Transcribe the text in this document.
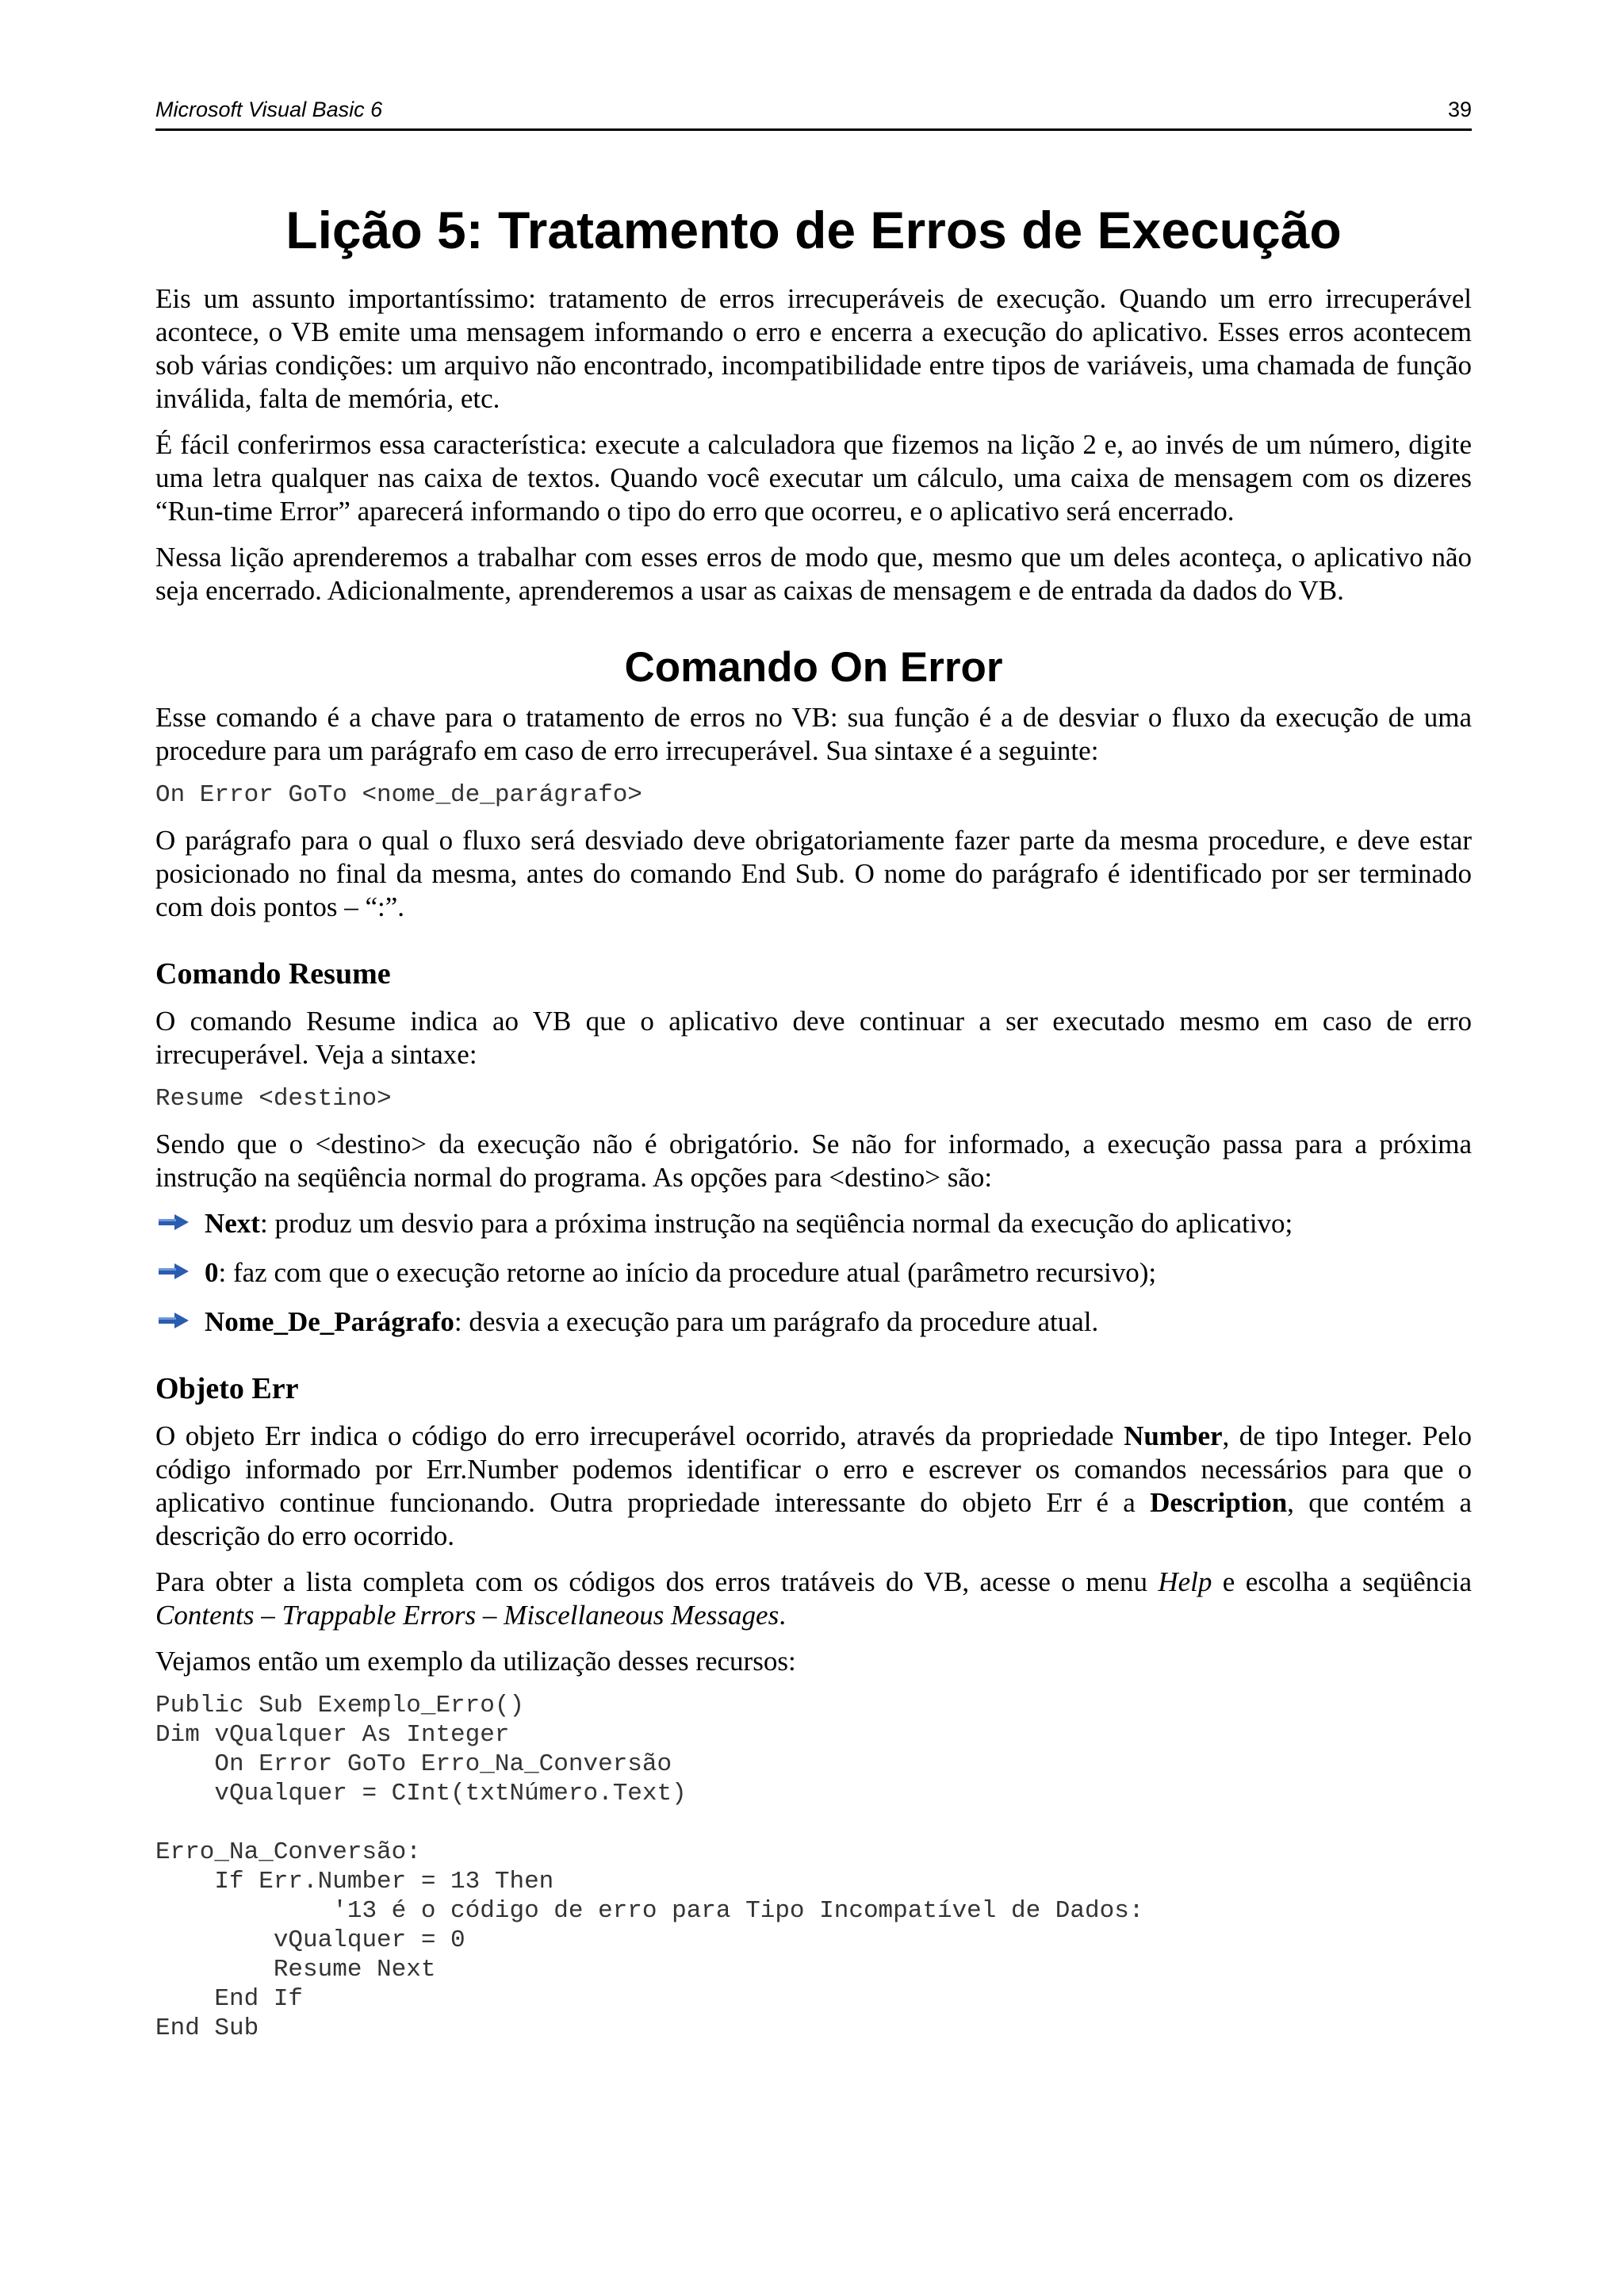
Microsoft Visual Basic 6	39
Lição 5: Tratamento de Erros de Execução

Eis um assunto importantíssimo: tratamento de erros irrecuperáveis de execução. Quando um erro irrecuperável acontece, o VB emite uma mensagem informando o erro e encerra a execução do aplicativo. Esses erros acontecem sob várias condições: um arquivo não encontrado, incompatibilidade entre tipos de variáveis, uma chamada de função inválida, falta de memória, etc.

É fácil conferirmos essa característica: execute a calculadora que fizemos na lição 2 e, ao invés de um número, digite uma letra qualquer nas caixa de textos. Quando você executar um cálculo, uma caixa de mensagem com os dizeres “Run-time Error” aparecerá informando o tipo do erro que ocorreu, e o aplicativo será encerrado.

Nessa lição aprenderemos a trabalhar com esses erros de modo que, mesmo que um deles aconteça, o aplicativo não seja encerrado. Adicionalmente, aprenderemos a usar as caixas de mensagem e de entrada da dados do VB.

Comando On Error

Esse comando é a chave para o tratamento de erros no VB: sua função é a de desviar o fluxo da execução de uma procedure para um parágrafo em caso de erro irrecuperável. Sua sintaxe é a seguinte:

On Error GoTo <nome_de_parágrafo>

O parágrafo para o qual o fluxo será desviado deve obrigatoriamente fazer parte da mesma procedure, e deve estar posicionado no final da mesma, antes do comando End Sub. O nome do parágrafo é identificado por ser terminado com dois pontos – “:”.

Comando Resume

O comando Resume indica ao VB que o aplicativo deve continuar a ser executado mesmo em caso de erro irrecuperável. Veja a sintaxe:

Resume <destino>

Sendo que o <destino> da execução não é obrigatório. Se não for informado, a execução passa para a próxima instrução na seqüência normal do programa. As opções para <destino> são:

Next: produz um desvio para a próxima instrução na seqüência normal da execução do aplicativo;
0: faz com que o execução retorne ao início da procedure atual (parâmetro recursivo);
Nome_De_Parágrafo: desvia a execução para um parágrafo da procedure atual.
Objeto Err

O objeto Err indica o código do erro irrecuperável ocorrido, através da propriedade Number, de tipo Integer. Pelo código informado por Err.Number podemos identificar o erro e escrever os comandos necessários para que o aplicativo continue funcionando. Outra propriedade interessante do objeto Err é a Description, que contém a descrição do erro ocorrido.

Para obter a lista completa com os códigos dos erros tratáveis do VB, acesse o menu Help e escolha a seqüência Contents – Trappable Errors – Miscellaneous Messages.

Vejamos então um exemplo da utilização desses recursos:

Public Sub Exemplo_Erro()
Dim vQualquer As Integer
On Error GoTo Erro_Na_Conversão
vQualquer = CInt(txtNúmero.Text)

Erro_Na_Conversão:
If Err.Number = 13 Then
'13 é o código de erro para Tipo Incompatível de Dados:
vQualquer = 0
Resume Next
End If
End Sub
